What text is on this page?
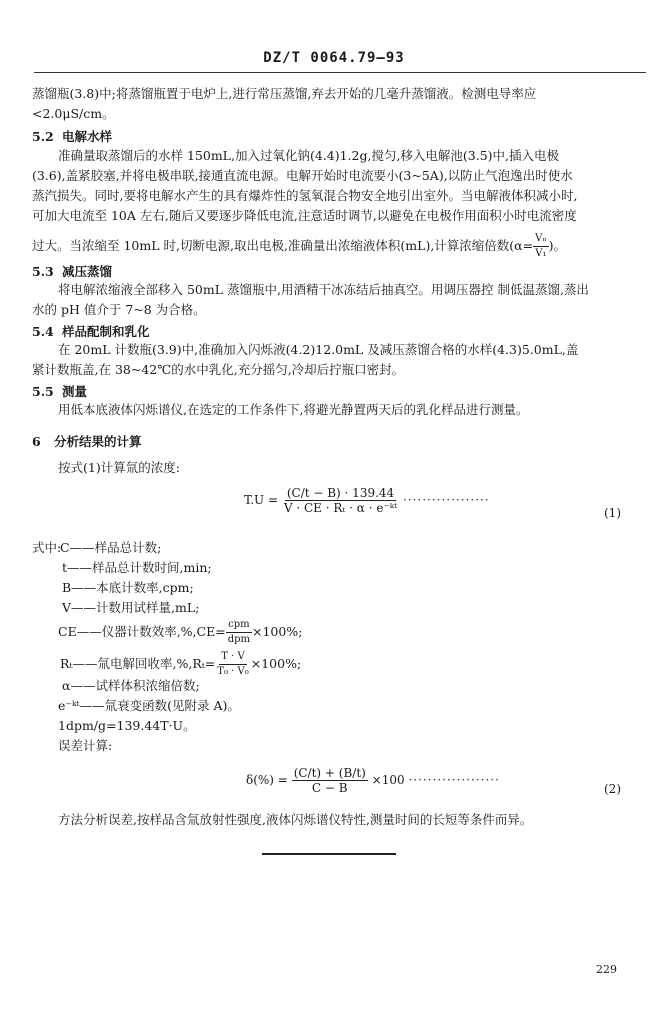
DZ/T 0064.79—93
蒸馏瓶(3.8)中;将蒸馏瓶置于电炉上,进行常压蒸馏,弃去开始的几毫升蒸馏液。检测电导率应
<2.0μS/cm。
5.2 电解水样
准确量取蒸馏后的水样 150mL,加入过氧化钠(4.4)1.2g,搅匀,移入电解池(3.5)中,插入电极
(3.6),盖紧胶塞,并将电极串联,接通直流电源。电解开始时电流要小(3~5A),以防止气泡逸出时使水
蒸汽损失。同时,要将电解水产生的具有爆炸性的氢氧混合物安全地引出室外。当电解液体积减小时,
可加大电流至 10A 左右,随后又要逐步降低电流,注意适时调节,以避免在电极作用面积小时电流密度
过大。当浓缩至 10mL 时,切断电源,取出电极,准确量出浓缩液体积(mL),计算浓缩倍数($\alpha= \frac{\text{Vₙ}}{\text{V₁}}$ )。
5.3 减压蒸馏
将电解浓缩液全部移入 50mL 蒸馏瓶中,用酒精干冰冻结后抽真空。用调压器控 制低温蒸馏,蒸出
水的 pH 值介于 7~8 为合格。
5.4 样品配制和乳化
在 20mL 计数瓶(3.9)中,准确加入闪烁液(4.2)12.0mL 及减压蒸馏合格的水样(4.3)5.0mL,盖
紧计数瓶盖,在 38~42℃的水中乳化,充分摇匀,冷却后拧瓶口密封。
5.5 测量
用低本底液体闪烁谱仪,在选定的工作条件下,将避光静置两天后的乳化样品进行测量。
6 分析结果的计算
按式(1)计算氚的浓度:
$T.U = \frac{(C/t - B) \cdot 139.44}{\text{V · CE · Rₜ · α · e⁻ᵏᵗ}}$ ··················
(1)
式中:
C——样品总计数;
t——样品总计数时间,min;
B——本底计数率,cpm;
V——计数用试样量,mL;
CE——仪器计数效率$,\%,CE= \frac{\text{cpm}}{\text{dpm}} \times 100\%$;
Rₜ——氚电解回收率$,\%,R_t= \frac{T \cdot V}{\text{T₀ · V₀}} \times 100\%$;
α——试样体积浓缩倍数;
e⁻ᵏᵗ——氚衰变函数(见附录 A)。
1dpm/g=139.44T·U。
误差计算:
$\delta(\%) = \frac{(C/t) + (B/t)}{C - B} \times 100$ ···················
(2)
方法分析误差,按样品含氚放射性强度,液体闪烁谱仪特性,测量时间的长短等条件而异。
229
